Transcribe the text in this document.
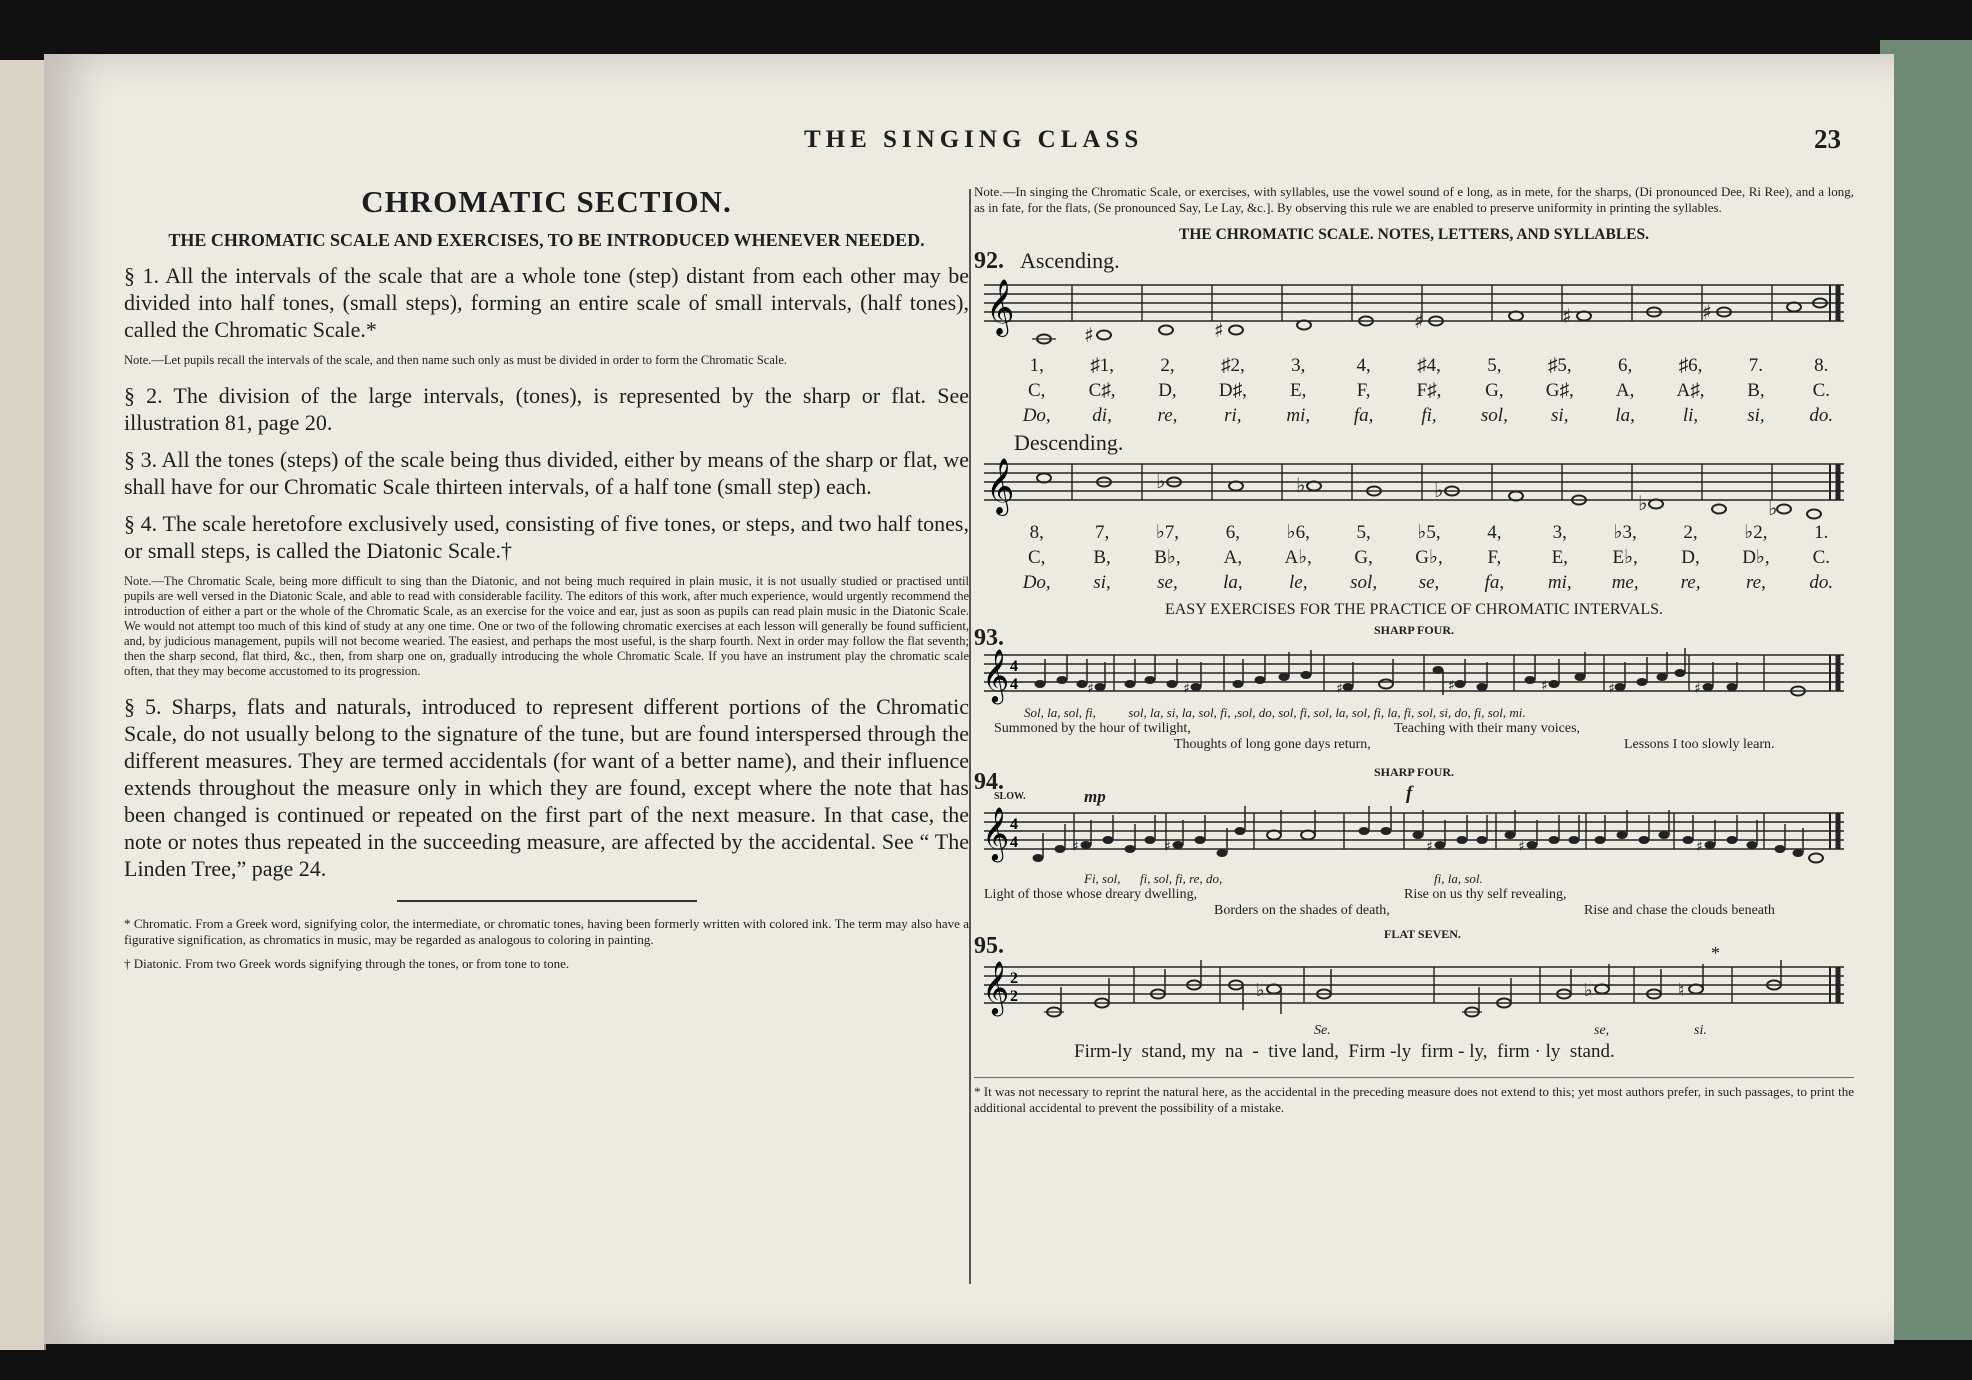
THE SINGING CLASS	23
CHROMATIC SECTION.
THE CHROMATIC SCALE AND EXERCISES, TO BE INTRODUCED WHENEVER NEEDED.

§ 1. All the intervals of the scale that are a whole tone (step) distant from each other may be divided into half tones, (small steps), forming an entire scale of small intervals, (half tones), called the Chromatic Scale.*

Note.—Let pupils recall the intervals of the scale, and then name such only as must be divided in order to form the Chromatic Scale.

§ 2. The division of the large intervals, (tones), is represented by the sharp or flat. See illustration 81, page 20.

§ 3. All the tones (steps) of the scale being thus divided, either by means of the sharp or flat, we shall have for our Chromatic Scale thirteen intervals, of a half tone (small step) each.

§ 4. The scale heretofore exclusively used, consisting of five tones, or steps, and two half tones, or small steps, is called the Diatonic Scale.†

Note.—The Chromatic Scale, being more difficult to sing than the Diatonic, and not being much required in plain music, it is not usually studied or practised until pupils are well versed in the Diatonic Scale, and able to read with considerable facility. The editors of this work, after much experience, would urgently recommend the introduction of either a part or the whole of the Chromatic Scale, as an exercise for the voice and ear, just as soon as pupils can read plain music in the Diatonic Scale. We would not attempt too much of this kind of study at any one time. One or two of the following chromatic exercises at each lesson will generally be found sufficient, and, by judicious management, pupils will not become wearied. The easiest, and perhaps the most useful, is the sharp fourth. Next in order may follow the flat seventh; then the sharp second, flat third, &c., then, from sharp one on, gradually introducing the whole Chromatic Scale. If you have an instrument play the chromatic scale often, that they may become accustomed to its progression.

§ 5. Sharps, flats and naturals, introduced to represent different portions of the Chromatic Scale, do not usually belong to the signature of the tune, but are found interspersed through the different measures. They are termed accidentals (for want of a better name), and their influence extends throughout the measure only in which they are found, except where the note that has been changed is continued or repeated on the first part of the next measure. In that case, the note or notes thus repeated in the succeeding measure, are affected by the accidental. See “ The Linden Tree,” page 24.

* Chromatic. From a Greek word, signifying color, the intermediate, or chromatic tones, having been formerly written with colored ink. The term may also have a figurative signification, as chromatics in music, may be regarded as analogous to coloring in painting.

† Diatonic. From two Greek words signifying through the tones, or from tone to tone.

Note.—In singing the Chromatic Scale, or exercises, with syllables, use the vowel sound of e long, as in mete, for the sharps, (Di pronounced Dee, Ri Ree), and a long, as in fate, for the flats, (Se pronounced Say, Le Lay, &c.]. By observing this rule we are enabled to preserve uniformity in printing the syllables.

THE CHROMATIC SCALE. NOTES, LETTERS, AND SYLLABLES.
92. Ascending.
𝄞	♯	♯	♯	♯	♯
1,	♯1,	2,	♯2,	3,	4,	♯4,	5,	♯5,	6,	♯6,	7.	8.
C,	C♯,	D,	D♯,	E,	F,	F♯,	G,	G♯,	A,	A♯,	B,	C.
Do,	di,	re,	ri,	mi,	fa,	fi,	sol,	si,	la,	li,	si,	do.
Descending.
𝄞	♭	♭	♭
♭	♭
8,	7,	♭7,	6,	♭6,	5,	♭5,	4,	3,	♭3,	2,	♭2,	1.
C,	B,	B♭,	A,	A♭,	G,	G♭,	F,	E,	E♭,	D,	D♭,	C.
Do,	si,	se,	la,	le,	sol,	se,	fa,	mi,	me,	re,	re,	do.
EASY EXERCISES FOR THE PRACTICE OF CHROMATIC INTERVALS.
93.	SHARP FOUR.
𝄞 4
4	♯	♯	♯	♯	♯	♯	♯
Sol, la, sol, fi,          sol, la, si, la, sol, fi, ,sol, do, sol, fi, sol, la, sol, fi, la, fi, sol, si, do, fi, sol, mi.
Summoned by the hour of twilight,	Teaching with their many voices,
Thoughts of long gone days return,	Lessons I too slowly learn.
94.	SHARP FOUR.
SLOW.	mp	f
𝄞 4
4	♯	♯	♯	♯	♯
Fi, sol,      fi, sol, fi, re, do,	fi, la, sol.
Light of those whose dreary dwelling,	Rise on us thy self revealing,
Borders on the shades of death,	Rise and chase the clouds beneath
95.	FLAT SEVEN.
*
𝄞 2
2	♭	♭	♮
Se.	se,	si.
Firm-ly  stand, my  na  -  tive land,  Firm -ly  firm - ly,  firm · ly  stand.

* It was not necessary to reprint the natural here, as the accidental in the preceding measure does not extend to this; yet most authors prefer, in such passages, to print the additional accidental to prevent the possibility of a mistake.
